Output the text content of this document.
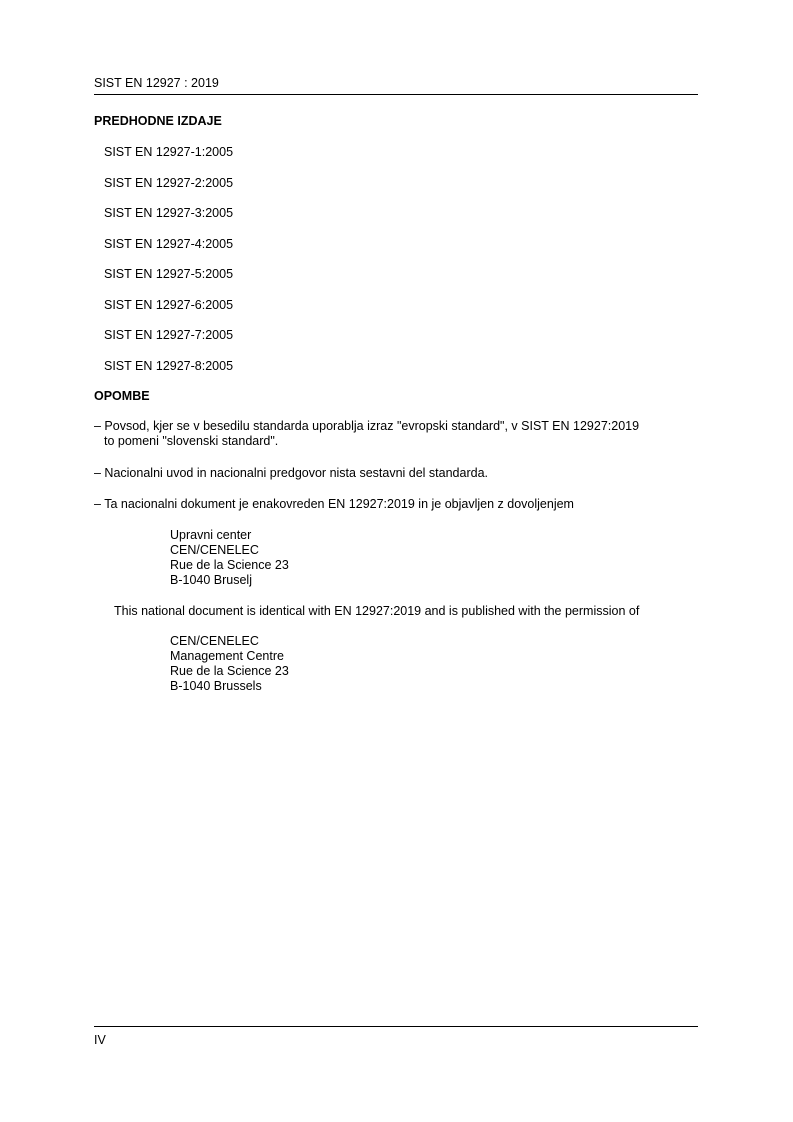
SIST EN 12927 : 2019
PREDHODNE IZDAJE
SIST EN 12927-1:2005
SIST EN 12927-2:2005
SIST EN 12927-3:2005
SIST EN 12927-4:2005
SIST EN 12927-5:2005
SIST EN 12927-6:2005
SIST EN 12927-7:2005
SIST EN 12927-8:2005
OPOMBE
– Povsod, kjer se v besedilu standarda uporablja izraz "evropski standard", v SIST EN 12927:2019
to pomeni "slovenski standard".
– Nacionalni uvod in nacionalni predgovor nista sestavni del standarda.
– Ta nacionalni dokument je enakovreden EN 12927:2019 in je objavljen z dovoljenjem
Upravni center
CEN/CENELEC
Rue de la Science 23
B-1040 Bruselj
This national document is identical with EN 12927:2019 and is published with the permission of
CEN/CENELEC
Management Centre
Rue de la Science 23
B-1040 Brussels
IV
